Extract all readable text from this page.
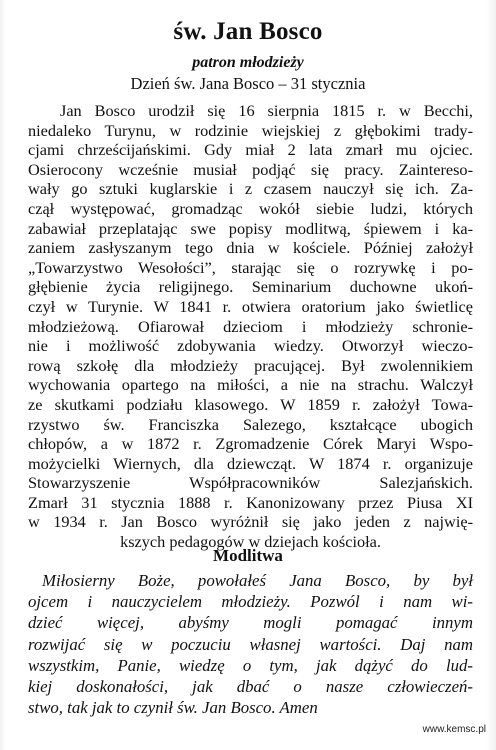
św. Jan Bosco
patron młodzieży
Dzień św. Jana Bosco – 31 stycznia
Jan Bosco urodził się 16 sierpnia 1815 r. w Becchi,
niedaleko Turynu, w rodzinie wiejskiej z głębokimi trady-
cjami chrześcijańskimi. Gdy miał 2 lata zmarł mu ojciec.
Osierocony wcześnie musiał podjąć się pracy. Zaintereso-
wały go sztuki kuglarskie i z czasem nauczył się ich. Za-
czął występować, gromadząc wokół siebie ludzi, których
zabawiał przeplatając swe popisy modlitwą, śpiewem i ka-
zaniem zasłyszanym tego dnia w kościele. Później założył
„Towarzystwo Wesołości”, starając się o rozrywkę i po-
głębienie życia religijnego. Seminarium duchowne ukoń-
czył w Turynie. W 1841 r. otwiera oratorium jako świetlicę
młodzieżową. Ofiarował dzieciom i młodzieży schronie-
nie i możliwość zdobywania wiedzy. Otworzył wieczo-
rową szkołę dla młodzieży pracującej. Był zwolennikiem
wychowania opartego na miłości, a nie na strachu. Walczył
ze skutkami podziału klasowego. W 1859 r. założył Towa-
rzystwo św. Franciszka Salezego, kształcące ubogich
chłopów, a w 1872 r. Zgromadzenie Córek Maryi Wspo-
możycielki Wiernych, dla dziewcząt. W 1874 r. organizuje
Stowarzyszenie Współpracowników Salezjańskich.
Zmarł 31 stycznia 1888 r. Kanonizowany przez Piusa XI
w 1934 r. Jan Bosco wyróżnił się jako jeden z najwię-
kszych pedagogów w dziejach kościoła.
Modlitwa
Miłosierny Boże, powołałeś Jana Bosco, by był
ojcem i nauczycielem młodzieży. Pozwól i nam wi-
dzieć więcej, abyśmy mogli pomagać innym
rozwijać się w poczuciu własnej wartości. Daj nam
wszystkim, Panie, wiedzę o tym, jak dążyć do lud-
kiej doskonałości, jak dbać o nasze człowieczeń-
stwo, tak jak to czynił św. Jan Bosco. Amen
www.kemsc.pl
